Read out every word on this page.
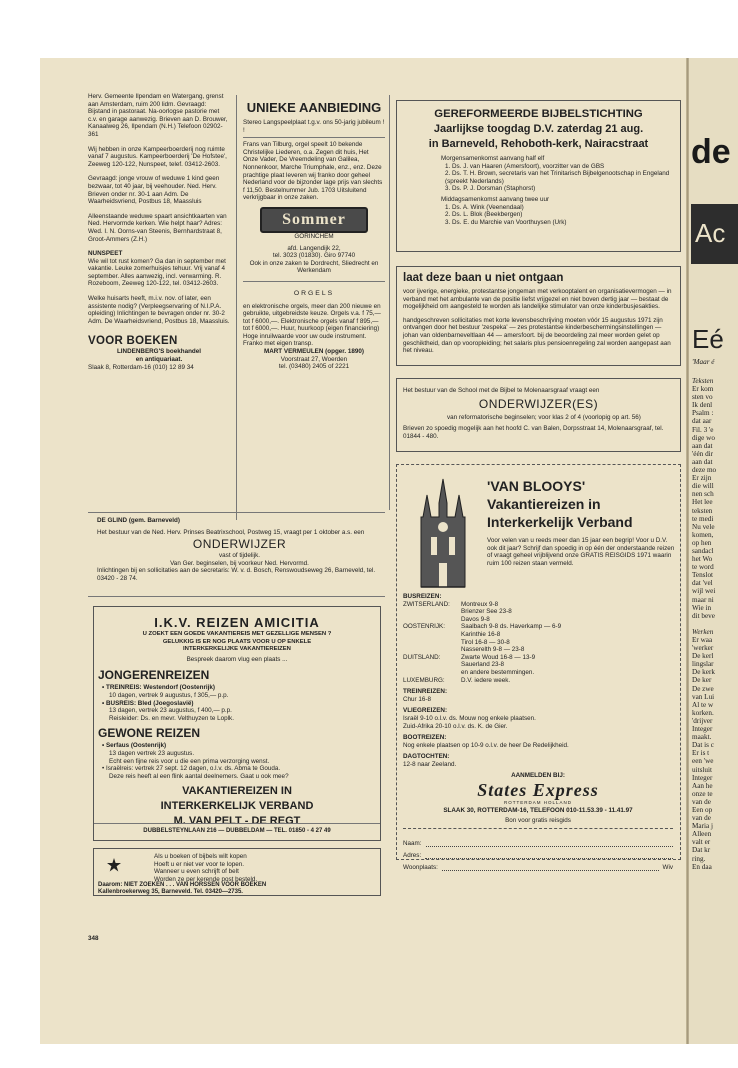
Herv. Gemeente Ilpendam en Watergang, grenst aan Amsterdam, ruim 200 lidm. Gevraagd: Bijstand in pastoraat. Na-oorlogse pastorie met c.v. en garage aanwezig. Brieven aan D. Brouwer, Kanaalweg 26, Ilpendam (N.H.) Telefoon 02902-361

Wij hebben in onze Kampeerboerderij nog ruimte vanaf 7 augustus. Kampeerboerderij 'De Hofstee', Zeeweg 120-122, Nunspeet, telef. 03412-2603.

Gevraagd: jonge vrouw of weduwe 1 kind geen bezwaar, tot 40 jaar, bij veehouder. Ned. Herv. Brieven onder nr. 30-1 aan Adm. De Waarheidsvriend, Postbus 18, Maassluis

Alleenstaande weduwe spaart ansichtkaarten van Ned. Hervormde kerken. Wie helpt haar? Adres: Wed. I. N. Oorns-van Steenis, Bernhardstraat 8, Groot-Ammers (Z.H.)

NUNSPEET

Wie wil tot rust komen? Ga dan in september met vakantie. Leuke zomerhuisjes tehuur. Vrij vanaf 4 september. Alles aanwezig, incl. verwarming. R. Rozeboom, Zeeweg 120-122, tel. 03412-2603.

Welke huisarts heeft, m.i.v. nov. of later, een assistente nodig? (Verpleegservaring of N.I.P.A. opleiding) Inlichtingen te bevragen onder nr. 30-2 Adm. De Waarheidsvriend, Postbus 18, Maassluis.

VOOR BOEKEN

LINDENBERG'S boekhandel

en antiquariaat.

Slaak 8, Rotterdam-16 (010) 12 89 34

UNIEKE AANBIEDING

Stereo Langspeelplaat t.g.v. ons 50-jarig jubileum ! !

Frans van Tilburg, orgel speelt 10 bekende Christelijke Liederen, o.a. Zegen dit huis, Het Onze Vader, De Vreemdeling van Galilea, Nonnenkoor, Marche Triumphale, enz., enz. Deze prachtige plaat leveren wij franko door geheel Nederland voor de bijzonder lage prijs van slechts f 11,50. Bestelnummer Jub. 1703 Uitsluitend verkrijgbaar in onze zaken.

Sommer

GORINCHEM

afd. Langendijk 22,

tel. 3023 (01830). Giro 97740

Ook in onze zaken te Dordrecht, Sliedrecht en Werkendam

ORGELS

en elektronische orgels, meer dan 200 nieuwe en gebruikte, uitgebreidste keuze. Orgels v.a. f 75,— tot f 6000,—. Elektronische orgels vanaf f 895,— tot f 6000,—. Huur, huurkoop (eigen financiering) Hoge inruilwaarde voor uw oude instrument. Franko met eigen transp.

MART VERMEULEN (opger. 1890)

Voorstraat 27, Woerden

tel. (03480) 2405 of 2221

DE GLIND (gem. Barneveld)

Het bestuur van de Ned. Herv. Prinses Beatrixschool, Postweg 15, vraagt per 1 oktober a.s. een

ONDERWIJZER

vast of tijdelijk.

Van Ger. beginselen, bij voorkeur Ned. Hervormd.

Inlichtingen bij en sollicitaties aan de secretaris: W. v. d. Bosch, Renswoudseweg 26, Barneveld, tel. 03420 - 28 74.

I.K.V. REIZEN AMICITIA

U ZOEKT EEN GOEDE VAKANTIEREIS MET GEZELLIGE MENSEN ?

GELUKKIG IS ER NOG PLAATS VOOR U OP ENKELE

INTERKERKELIJKE VAKANTIEREIZEN

Bespreek daarom vlug een plaats ...

JONGERENREIZEN

• TREINREIS: Westendorf (Oostenrijk)

10 dagen, vertrek 9 augustus, f 305,— p.p.

• BUSREIS: Bled (Joegoslavië)

13 dagen, vertrek 23 augustus, f 400,— p.p.

Reisleider: Ds. en mevr. Velthuyzen te Loplk.

GEWONE REIZEN

• Serfaus (Oostenrijk)

13 dagen vertrek 23 augustus.

Echt een fijne reis voor u die een prima verzorging wenst.

• Israëlreis: vertrek 27 sept. 12 dagen, o.l.v. ds. Abma te Gouda.

Deze reis heeft al een flink aantal deelnemers. Gaat u ook mee?

VAKANTIEREIZEN IN
INTERKERKELIJK VERBAND
M. VAN PELT - DE REGT

DUBBELSTEYNLAAN 216 — DUBBELDAM — TEL. 01850 - 4 27 49

Als u boeken of bijbels wilt kopen

Hoeft u er niet ver voor te lopen.

Wanneer u even schrijft of belt

Worden ze per kerende post besteld.

Daarom: NIET ZOEKEN . . . VAN HORSSEN VOOR BOEKEN

Kallenbroekerweg 35, Barneveld. Tel. 03420—2735.

348

GEREFORMEERDE BIJBELSTICHTING
Jaarlijkse toogdag D.V. zaterdag 21 aug.
in Barneveld, Rehoboth-kerk, Nairacstraat

Morgensamenkomst aanvang half elf

1. Ds. J. van Haaren (Amersfoort), voorzitter van de GBS

2. Ds. T. H. Brown, secretaris van het Trinitarisch Bijbelgenootschap in Engeland (spreekt Nederlands)

3. Ds. P. J. Dorsman (Staphorst)

Middagsamenkomst aanvang twee uur

1. Ds. A. Wink (Veenendaal)

2. Ds. L. Blok (Beekbergen)

3. Ds. E. du Marchie van Voorthuysen (Urk)

laat deze baan u niet ontgaan

voor ijverige, energieke, protestantse jongeman met verkooptalent en organisatievermogen — in verband met het ambulante van de positie liefst vrijgezel en niet boven dertig jaar — bestaat de mogelijkheid om aangesteld te worden als landelijke stimulator van onze kinderbusjesakties.

handgeschreven sollicitaties met korte levensbeschrijving moeten vóór 15 augustus 1971 zijn ontvangen door het bestuur 'zespeka' — zes protestantse kinderbeschermingsinstellingen — johan van oldenbarneveltlaan 44 — amersfoort. bij de beoordeling zal meer worden gelet op geschiktheid, dan op vooropleiding; het salaris plus pensioenregeling zal worden aangepast aan het niveau.

Het bestuur van de School met de Bijbel te Molenaarsgraaf vraagt een

ONDERWIJZER(ES)

van reformatorische beginselen; voor klas 2 of 4 (voorlopig op art. 56)

Brieven zo spoedig mogelijk aan het hoofd C. van Balen, Dorpsstraat 14, Molenaarsgraaf, tel. 01844 - 480.

'VAN BLOOYS'
Vakantiereizen in
Interkerkelijk Verband

Voor velen van u reeds meer dan 15 jaar een begrip! Voor u D.V. ook dit jaar? Schrijf dan spoedig in op één der onderstaande reizen of vraagt geheel vrijblijvend onze GRATIS REISGIDS 1971 waarin ruim 100 reizen staan vermeld.

BUSREIZEN:

ZWITSERLAND:	Montreux 9-8
Brienzer See 23-8
Davos 9-8
OOSTENRIJK:	Saalbach 9-8 ds. Haverkamp — 6-9
Karinthie 16-8
Tirol 16-8 — 30-8
Nasserelth 9-8 — 23-8
DUITSLAND:	Zwarte Woud 16-8 — 13-9
Sauerland 23-8
en andere bestemmingen.
LUXEMBURG:	D.V. iedere week.

TREINREIZEN:

Chur 16-8

VLIEGREIZEN:

Israël 9-10 o.l.v. ds. Mouw nog enkele plaatsen.

Zuid-Afrika 20-10 o.l.v. ds. K. de Gier.

BOOTREIZEN:

Nog enkele plaatsen op 10-9 o.l.v. de heer De Redelijkheid.

DAGTOCHTEN:

12-8 naar Zeeland.

AANMELDEN BIJ:

States Express

ROTTERDAM HOLLAND

SLAAK 30, ROTTERDAM-16, TELEFOON 010-11.53.39 - 11.41.97

Bon voor gratis reisgids

Naam:
Adres:
Woonplaats:	Wiv
de
Ac
Eé
'Maar é
Teksten
Er kom
sten vo
Ik denl
Psalm :
dat aar
Fil. 3 'e
dige wo
aan dat
'één dir
aan dat
deze mo
Er zijn
die will
nen sch
Het lee
teksten
te medi
Nu vele
komen,
op hen
sandacl
het Wo
te word
Tenslot
dat 'vel
wijl wei
maar ni
Wie in
dit beve

Werken
Er waa
'werker
De kerl
lingslar
De kerk
De ker
De zwe
van Lui
Al te w
korken.
'drijver
Integer
maakt.
Dat is c
Er is t
een 'we
uitsluit
Integer
Aan he
onze te
van de
Een op
van de
Maria j
Alleen
valt er
Dat kr
ring.
En daa
